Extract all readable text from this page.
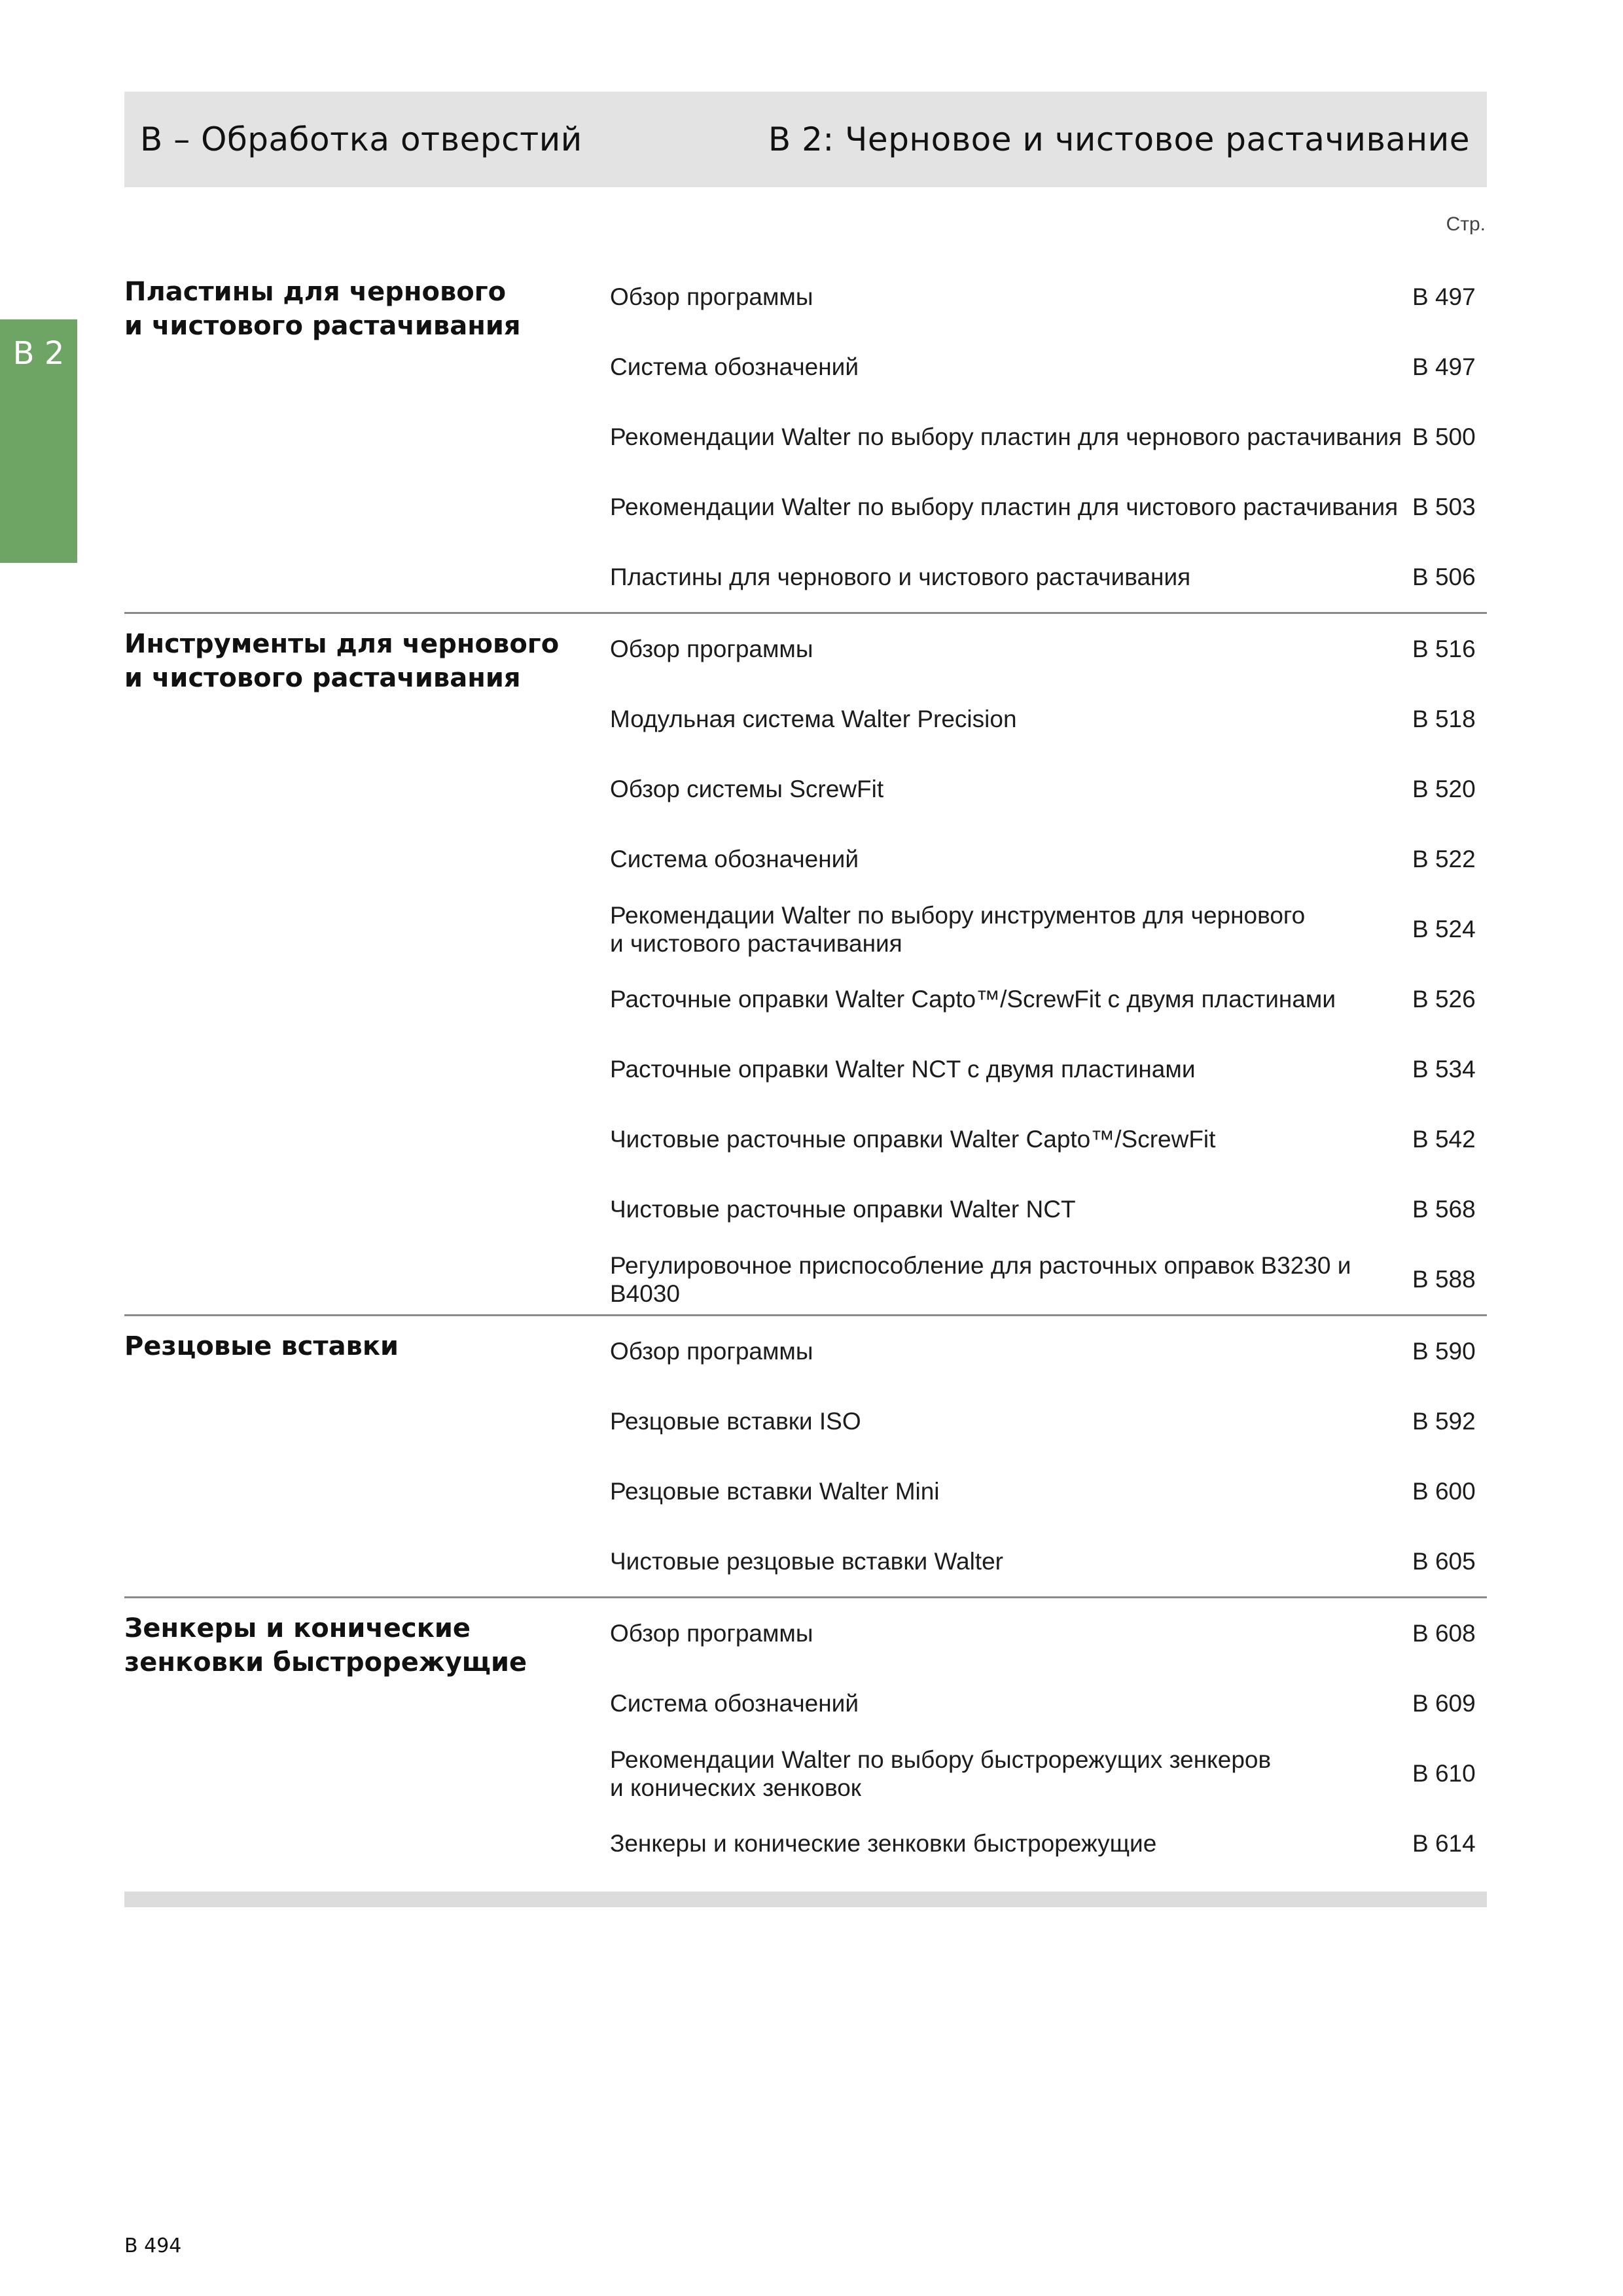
B – Обработка отверстий	B 2: Черновое и чистовое растачивание
Стр.
B 2
Пластины для чернового
и чистового растачивания
Обзор программы	B 497
Система обозначений	B 497
Рекомендации Walter по выбору пластин для чернового растачивания B 500
Рекомендации Walter по выбору пластин для чистового растачивания B 503
Пластины для чернового и чистового растачивания	B 506
Инструменты для чернового
и чистового растачивания
Обзор программы	B 516
Модульная система Walter Precision	B 518
Обзор системы ScrewFit	B 520
Система обозначений	B 522
Рекомендации Walter по выбору инструментов для чернового
и чистового растачивания
B 524
Расточные оправки Walter Capto™/ScrewFit с двумя пластинами	B 526
Расточные оправки Walter NCT с двумя пластинами	B 534
Чистовые расточные оправки Walter Capto™/ScrewFit	B 542
Чистовые расточные оправки Walter NCT	B 568
Регулировочное приспособление для расточных оправок B3230 и B4030
B 588
Резцовые вставки	Обзор программы	B 590
Резцовые вставки ISO	B 592
Резцовые вставки Walter Mini	B 600
Чистовые резцовые вставки Walter	B 605
Зенкеры и конические
зенковки быстрорежущие
Обзор программы	B 608
Система обозначений	B 609
Рекомендации Walter по выбору быстрорежущих зенкеров
и конических зенковок
B 610
Зенкеры и конические зенковки быстрорежущие	B 614
B 494
